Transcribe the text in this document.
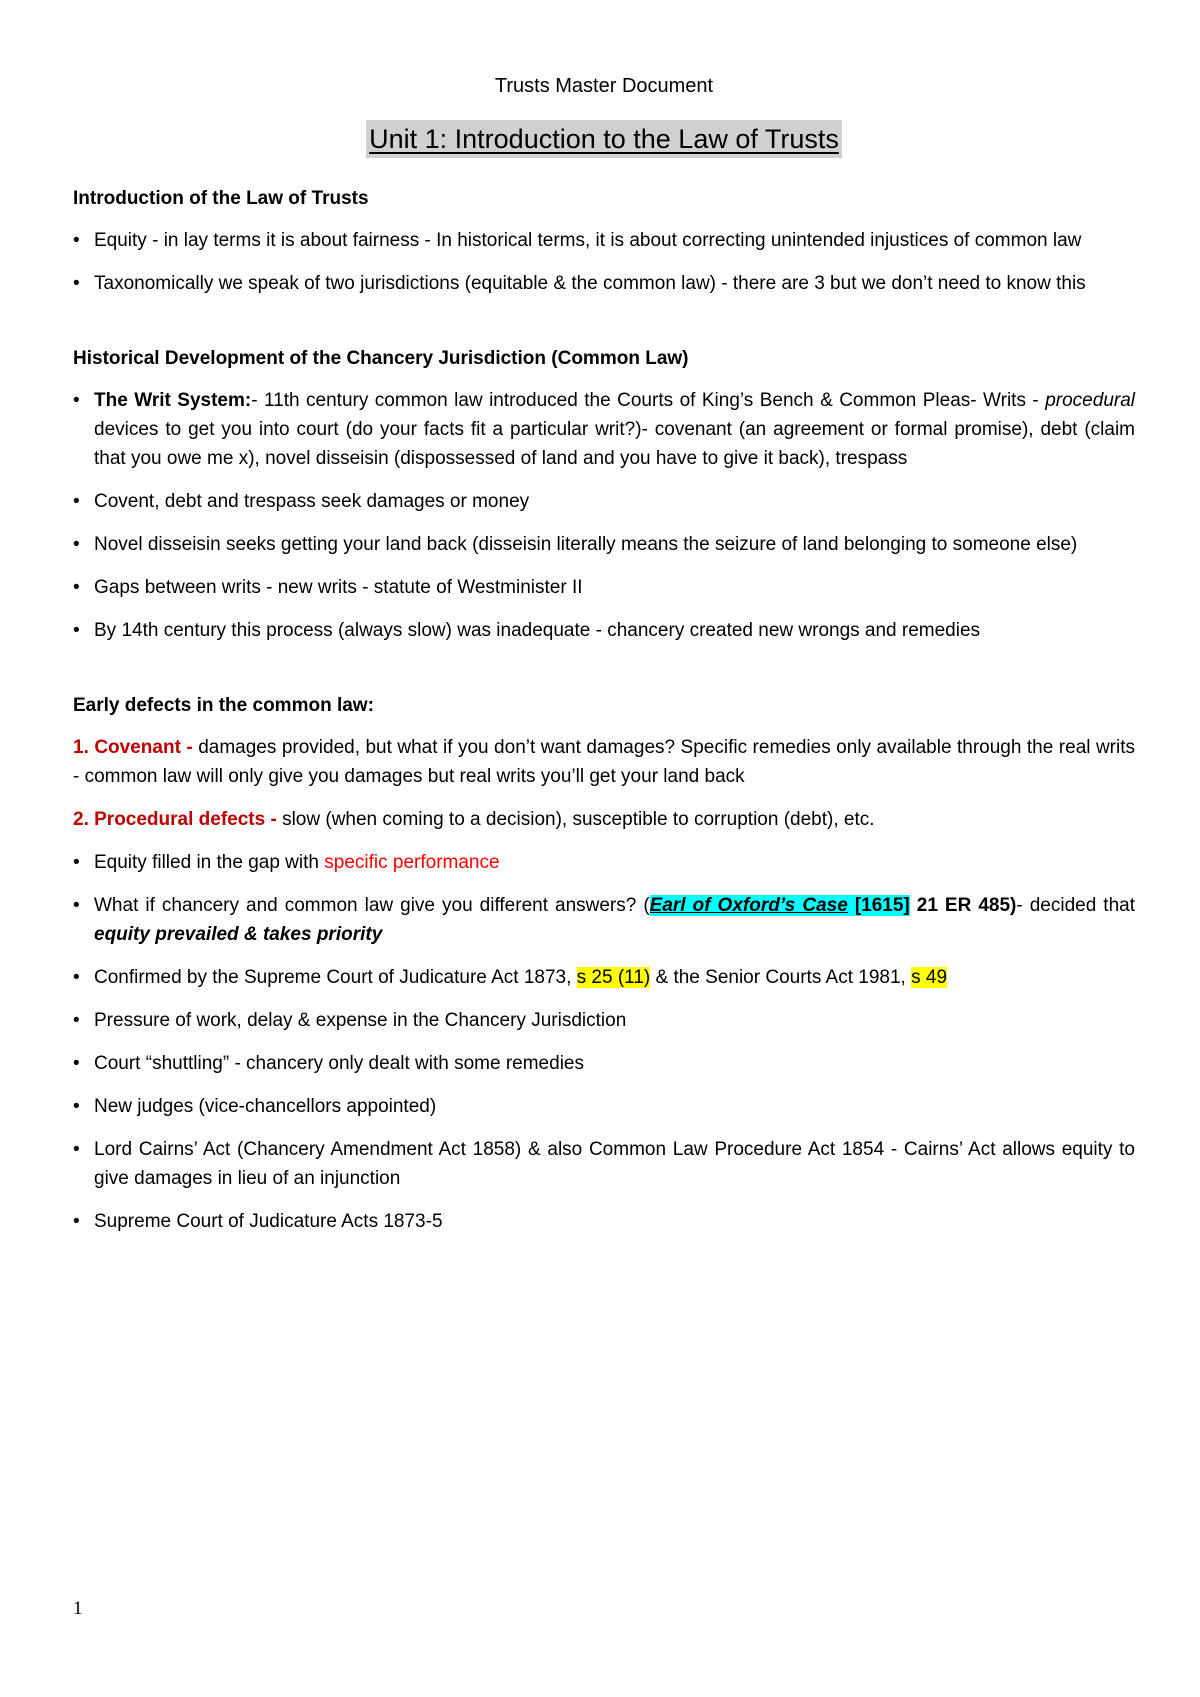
Trusts Master Document
Unit 1: Introduction to the Law of Trusts
Introduction of the Law of Trusts
• Equity - in lay terms it is about fairness - In historical terms, it is about correcting unintended injustices of common law
• Taxonomically we speak of two jurisdictions (equitable & the common law) - there are 3 but we don’t need to know this
Historical Development of the Chancery Jurisdiction (Common Law)
• The Writ System:- 11th century common law introduced the Courts of King’s Bench & Common Pleas- Writs - procedural devices to get you into court (do your facts fit a particular writ?)- covenant (an agreement or formal promise), debt (claim that you owe me x), novel disseisin (dispossessed of land and you have to give it back), trespass
• Covent, debt and trespass seek damages or money
• Novel disseisin seeks getting your land back (disseisin literally means the seizure of land belonging to someone else)
• Gaps between writs - new writs - statute of Westminister II
• By 14th century this process (always slow) was inadequate - chancery created new wrongs and remedies
Early defects in the common law:
1. Covenant - damages provided, but what if you don’t want damages? Specific remedies only available through the real writs - common law will only give you damages but real writs you’ll get your land back
2. Procedural defects - slow (when coming to a decision), susceptible to corruption (debt), etc.
• Equity filled in the gap with specific performance
• What if chancery and common law give you different answers? (Earl of Oxford’s Case [1615] 21 ER 485)- decided that equity prevailed & takes priority
• Confirmed by the Supreme Court of Judicature Act 1873, s 25 (11) & the Senior Courts Act 1981, s 49
• Pressure of work, delay & expense in the Chancery Jurisdiction
• Court “shuttling” - chancery only dealt with some remedies
• New judges (vice-chancellors appointed)
• Lord Cairns’ Act (Chancery Amendment Act 1858) & also Common Law Procedure Act 1854 - Cairns’ Act allows equity to give damages in lieu of an injunction
• Supreme Court of Judicature Acts 1873-5
1
